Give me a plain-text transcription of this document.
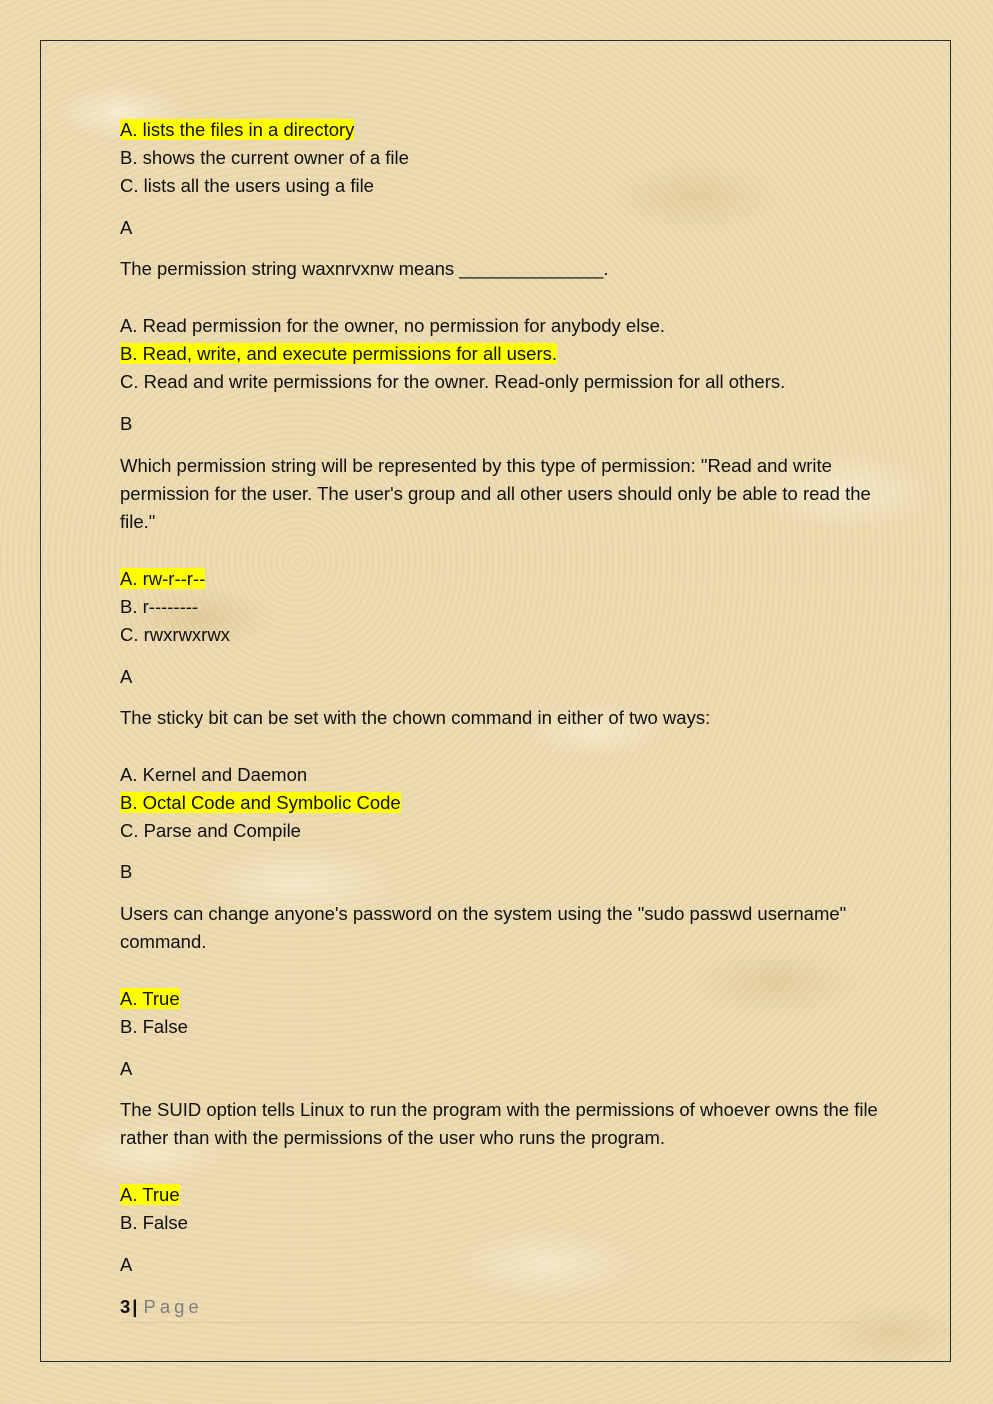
A. lists the files in a directory
B. shows the current owner of a file
C. lists all the users using a file
A
The permission string waxnrvxnw means ______________.
A. Read permission for the owner, no permission for anybody else.
B. Read, write, and execute permissions for all users.
C. Read and write permissions for the owner. Read-only permission for all others.
B
Which permission string will be represented by this type of permission: "Read and write permission for the user. The user's group and all other users should only be able to read the file."
A. rw-r--r--
B. r--------
C. rwxrwxrwx
A
The sticky bit can be set with the chown command in either of two ways:
A. Kernel and Daemon
B. Octal Code and Symbolic Code
C. Parse and Compile
B
Users can change anyone's password on the system using the "sudo passwd username" command.
A. True
B. False
A
The SUID option tells Linux to run the program with the permissions of whoever owns the file rather than with the permissions of the user who runs the program.
A. True
B. False
A
3 | Page
